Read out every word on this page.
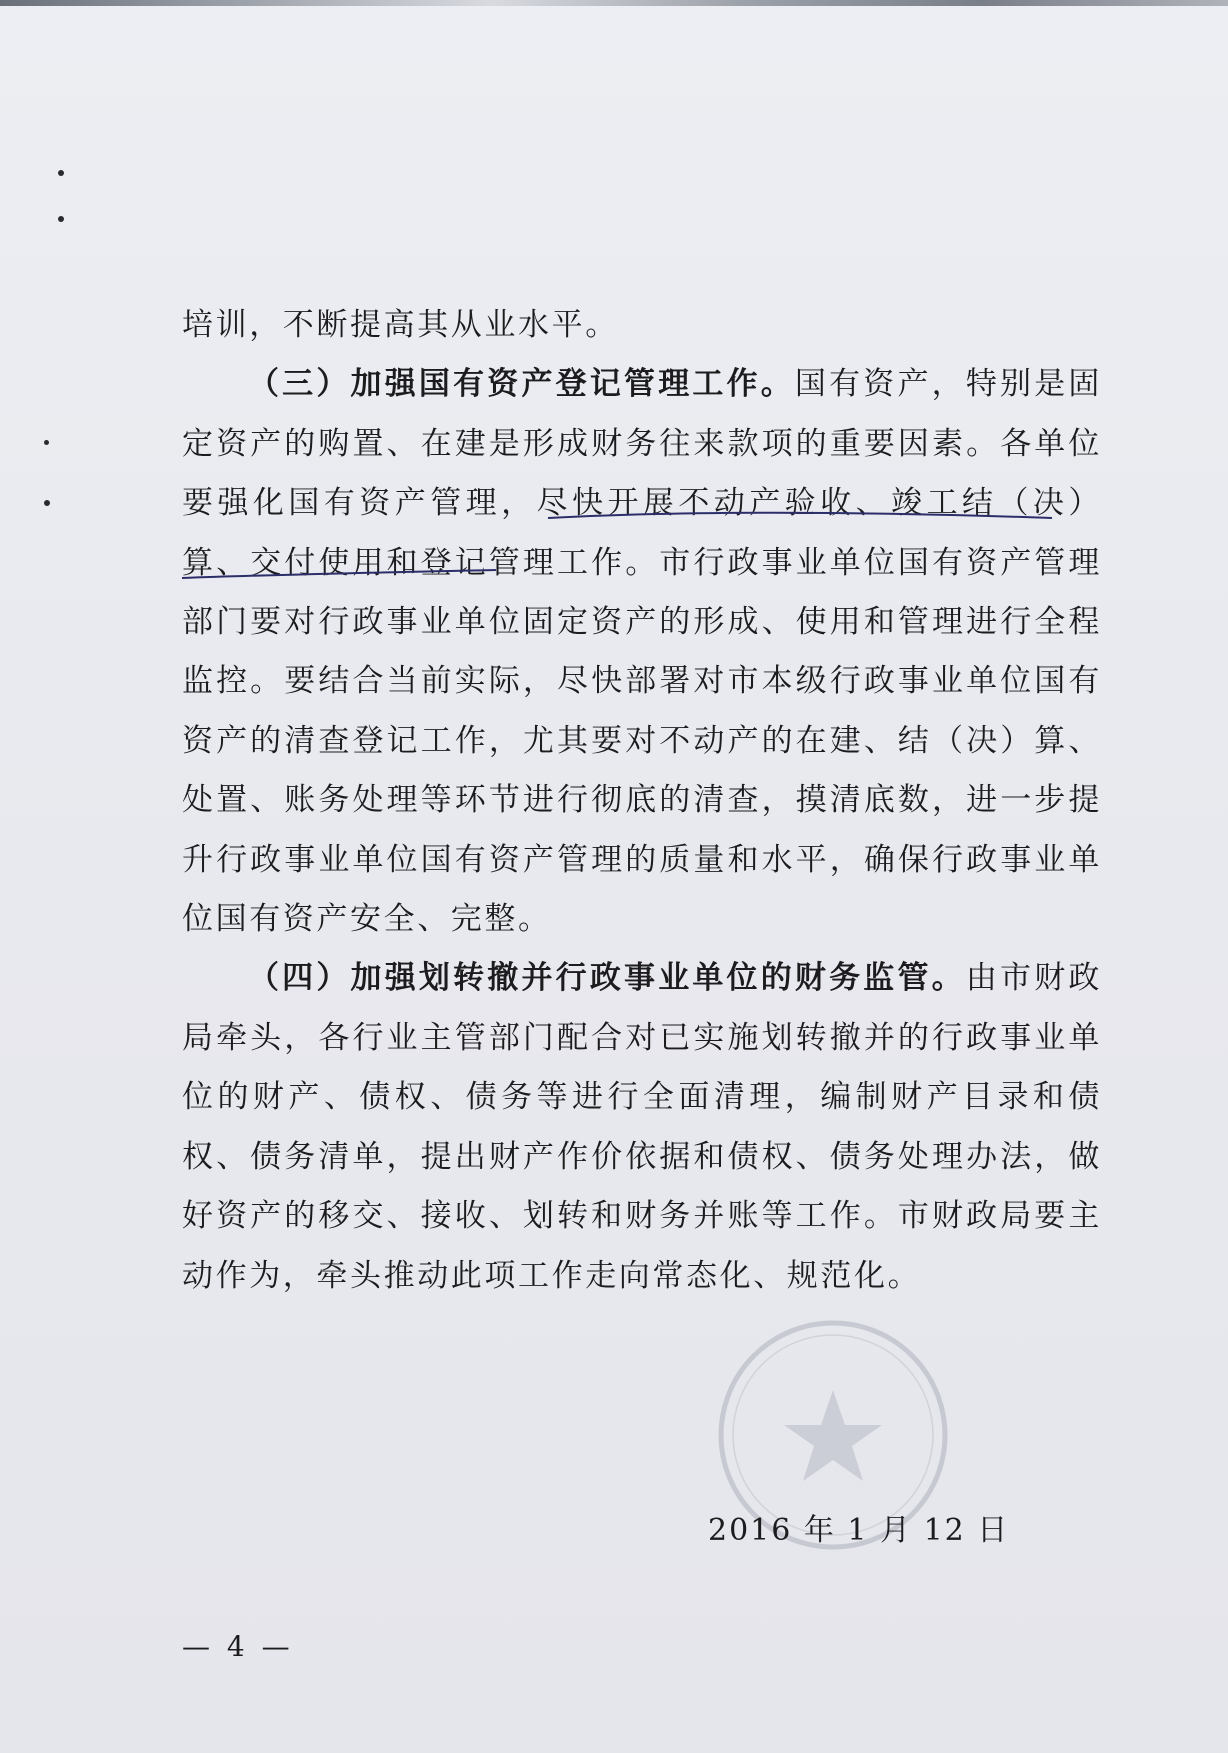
培训，不断提高其从业水平。

（三）加强国有资产登记管理工作。国有资产，特别是固定资产的购置、在建是形成财务往来款项的重要因素。各单位要强化国有资产管理，尽快开展不动产验收、竣工结（决）算、交付使用和登记管理工作。市行政事业单位国有资产管理部门要对行政事业单位固定资产的形成、使用和管理进行全程监控。要结合当前实际，尽快部署对市本级行政事业单位国有资产的清查登记工作，尤其要对不动产的在建、结（决）算、处置、账务处理等环节进行彻底的清查，摸清底数，进一步提升行政事业单位国有资产管理的质量和水平，确保行政事业单位国有资产安全、完整。

（四）加强划转撤并行政事业单位的财务监管。由市财政局牵头，各行业主管部门配合对已实施划转撤并的行政事业单位的财产、债权、债务等进行全面清理，编制财产目录和债权、债务清单，提出财产作价依据和债权、债务处理办法，做好资产的移交、接收、划转和财务并账等工作。市财政局要主动作为，牵头推动此项工作走向常态化、规范化。

2016 年 1 月 12 日
— 4 —
